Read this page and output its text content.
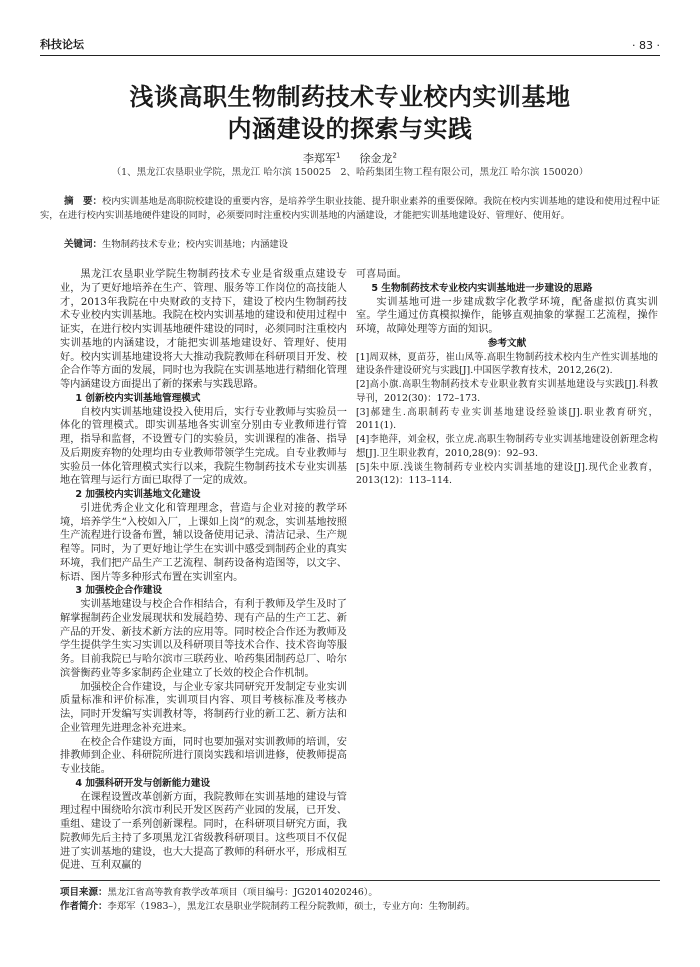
科技论坛	· 83 ·
浅谈高职生物制药技术专业校内实训基地
内涵建设的探索与实践
李郑军$^1$ 徐金龙$^2$
（1、黑龙江农垦职业学院，黑龙江 哈尔滨 150025　2、哈药集团生物工程有限公司，黑龙江 哈尔滨 150020）
摘　要：校内实训基地是高职院校建设的重要内容，是培养学生职业技能、提升职业素养的重要保障。我院在校内实训基地的建设和使用过程中证实，在进行校内实训基地硬件建设的同时，必须要同时注重校内实训基地的内涵建设，才能把实训基地建设好、管理好、使用好。
关键词：生物制药技术专业；校内实训基地；内涵建设

黑龙江农垦职业学院生物制药技术专业是省级重点建设专业，为了更好地培养在生产、管理、服务等工作岗位的高技能人才，2013年我院在中央财政的支持下，建设了校内生物制药技术专业校内实训基地。我院在校内实训基地的建设和使用过程中证实，在进行校内实训基地硬件建设的同时，必须同时注重校内实训基地的内涵建设，才能把实训基地建设好、管理好、使用好。校内实训基地建设将大大推动我院教师在科研项目开发、校企合作等方面的发展，同时也为我院在实训基地进行精细化管理等内涵建设方面提出了新的探索与实践思路。

1 创新校内实训基地管理模式

自校内实训基地建设投入使用后，实行专业教师与实验员一体化的管理模式。即实训基地各实训室分别由专业教师进行管理，指导和监督，不设置专门的实验员，实训课程的准备、指导及后期废弃物的处理均由专业教师带领学生完成。自专业教师与实验员一体化管理模式实行以来，我院生物制药技术专业实训基地在管理与运行方面已取得了一定的成效。

2 加强校内实训基地文化建设

引进优秀企业文化和管理理念，营造与企业对接的教学环境，培养学生“入校如入厂，上课如上岗”的观念，实训基地按照生产流程进行设备布置，辅以设备使用记录、清洁记录、生产规程等。同时，为了更好地让学生在实训中感受到制药企业的真实环境，我们把产品生产工艺流程、制药设备构造图等，以文字、标语、图片等多种形式布置在实训室内。

3 加强校企合作建设

实训基地建设与校企合作相结合，有利于教师及学生及时了解掌握制药企业发展现状和发展趋势、现有产品的生产工艺、新产品的开发、新技术新方法的应用等。同时校企合作还为教师及学生提供学生实习实训以及科研项目等技术合作、技术咨询等服务。目前我院已与哈尔滨市三联药业、哈药集团制药总厂、哈尔滨誉衡药业等多家制药企业建立了长效的校企合作机制。

加强校企合作建设，与企业专家共同研究开发制定专业实训质量标准和评价标准，实训项目内容、项目考核标准及考核办法，同时开发编写实训教材等，将制药行业的新工艺、新方法和企业管理先进理念补充进来。

在校企合作建设方面，同时也要加强对实训教师的培训，安排教师到企业、科研院所进行顶岗实践和培训进修，使教师提高专业技能。

4 加强科研开发与创新能力建设

在课程设置改革创新方面，我院教师在实训基地的建设与管理过程中围绕哈尔滨市利民开发区医药产业园的发展，已开发、重组、建设了一系列创新课程。同时，在科研项目研究方面，我院教师先后主持了多项黑龙江省级教科研项目。这些项目不仅促进了实训基地的建设，也大大提高了教师的科研水平，形成相互促进、互利双赢的

可喜局面。

5 生物制药技术专业校内实训基地进一步建设的思路

实训基地可进一步建成数字化教学环境，配备虚拟仿真实训室。学生通过仿真模拟操作，能够直观抽象的掌握工艺流程，操作环境，故障处理等方面的知识。

参考文献
[1]周双林，夏苗芬，崔山凤等.高职生物制药技术校内生产性实训基地的建设条件建设研究与实践[J].中国医学教育技术，2012,26(2).
[2]高小旗.高职生物制药技术专业职业教育实训基地建设与实践[J].科教导刊，2012(30)：172–173.
[3]郝建生.高职制药专业实训基地建设经验谈[J].职业教育研究，2011(1).
[4]李艳萍，刘金权，张立虎.高职生物制药专业实训基地建设创新理念构想[J].卫生职业教育，2010,28(9)：92–93.
[5]朱中原.浅谈生物制药专业校内实训基地的建设[J].现代企业教育，2013(12)：113–114.
项目来源：黑龙江省高等教育教学改革项目（项目编号：JG2014020246）。
作者简介：李郑军（1983–），黑龙江农垦职业学院制药工程分院教师，硕士，专业方向：生物制药。
